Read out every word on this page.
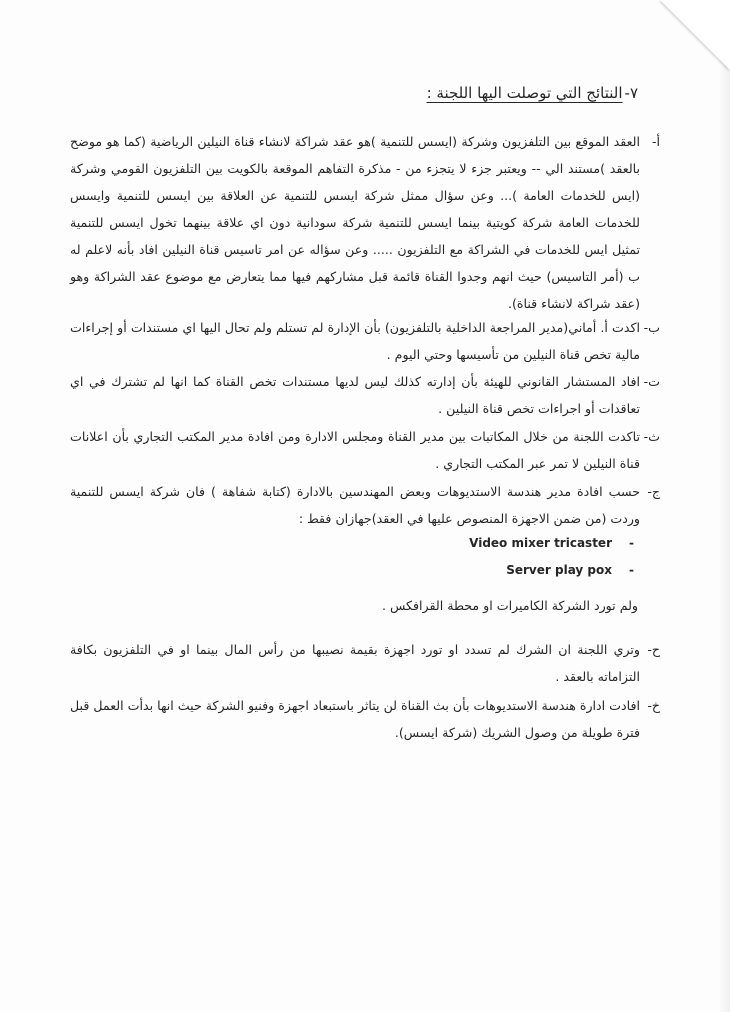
٧-النتائج التي توصلت اليها اللجنة :
أ-
العقد الموقع بين التلفزيون وشركة (ايسس للتنمية )هو عقد شراكة لانشاء قناة النيلين الرياضية (كما هو موضح بالعقد )مستند الي -- ويعتبر جزء لا يتجزء من - مذكرة التفاهم الموقعة بالكويت بين التلفزيون القومي وشركة (ايس للخدمات العامة )... وعن سؤال ممثل شركة ايسس للتنمية عن العلاقة بين ايسس للتنمية وايسس للخدمات العامة شركة كويتية بينما ايسس للتنمية شركة سودانية دون اي علاقة بينهما تخول ايسس للتنمية تمثيل ايس للخدمات في الشراكة مع التلفزيون ..... وعن سؤاله عن امر تاسيس قناة النيلين افاد بأنه لاعلم له ب (أمر التاسيس) حيث انهم وجدوا القناة قائمة قبل مشاركهم فيها مما يتعارض مع موضوع عقد الشراكة وهو (عقد شراكة لانشاء قناة).
ب-
اكدت أ. أماني(مدير المراجعة الداخلية بالتلفزيون) بأن الإدارة لم تستلم ولم تحال اليها اي مستندات أو إجراءات مالية تخص قناة النيلين من تأسيسها وحتي اليوم .
ت-
افاد المستشار القانوني للهيئة بأن إدارته كذلك ليس لديها مستندات تخص القناة كما انها لم تشترك في اي تعاقدات أو اجراءات تخص قناة النيلين .
ث-
تاكدت اللجنة من خلال المكاتبات بين مدير القناة ومجلس الادارة ومن افادة مدير المكتب التجاري بأن اعلانات قناة النيلين لا تمر عبر المكتب التجاري .
ج-
حسب افادة مدير هندسة الاستديوهات وبعض المهندسين بالادارة (كتابة شفاهة ) فان شركة ايسس للتنمية وردت (من ضمن الاجهزة المنصوص عليها في العقد)جهازان فقط :
-
Video mixer tricaster
-
Server play pox
ولم تورد الشركة الكاميرات او محطة القرافكس .
ح-
وتري اللجنة ان الشرك لم تسدد او تورد اجهزة بقيمة نصيبها من رأس المال بينما او في التلفزيون بكافة التزاماته بالعقد .
خ-
افادت ادارة هندسة الاستديوهات بأن بث القناة لن يتاثر باستبعاد اجهزة وفنيو الشركة حيث انها بدأت العمل قبل فترة طويلة من وصول الشريك (شركة ايسس).
